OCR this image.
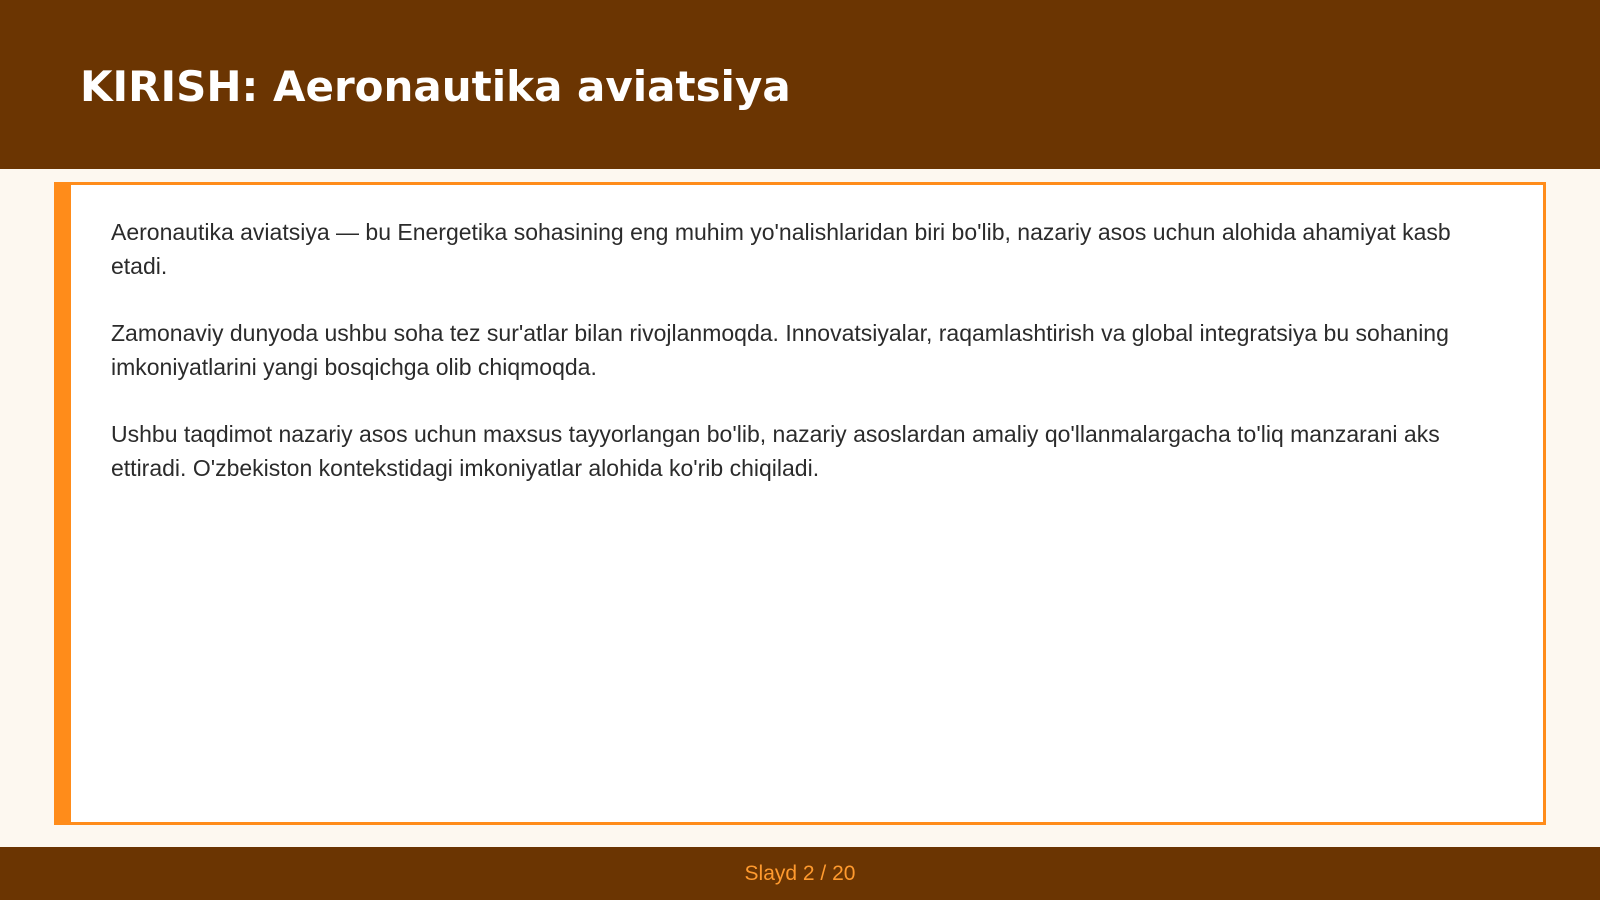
KIRISH: Aeronautika aviatsiya

Aeronautika aviatsiya — bu Energetika sohasining eng muhim yo'nalishlaridan biri bo'lib, nazariy asos uchun alohida ahamiyat kasb etadi.

Zamonaviy dunyoda ushbu soha tez sur'atlar bilan rivojlanmoqda. Innovatsiyalar, raqamlashtirish va global integratsiya bu sohaning imkoniyatlarini yangi bosqichga olib chiqmoqda.

Ushbu taqdimot nazariy asos uchun maxsus tayyorlangan bo'lib, nazariy asoslardan amaliy qo'llanmalargacha to'liq manzarani aks ettiradi. O'zbekiston kontekstidagi imkoniyatlar alohida ko'rib chiqiladi.

Slayd 2 / 20
